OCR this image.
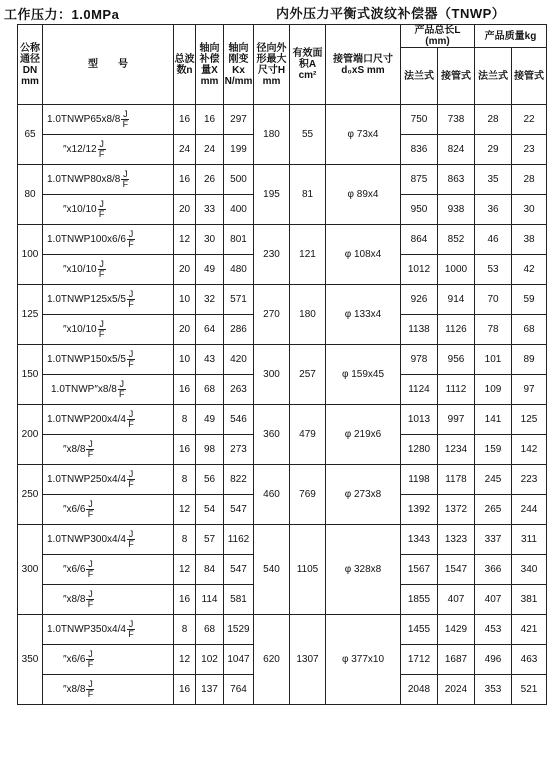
工作压力：1.0MPa	内外压力平衡式波纹补偿器（TNWP）
公称通径DN mm	型　　号	总波数n	轴向补偿量X mm	轴向刚变Kx N/mm	径向外形最大尺寸H mm	有效面积A cm²	接管端口尺寸d₀xS mm	产品总长L (mm)		产品质量kg	
								法兰式	接管式	法兰式	接管式
65	1.0TNWP65x8/8 $\frac{J}{F}$	16	16	297	180	55	φ 73x4	750	738	28	22
	$''x12/12 \frac{J}{F}$	24	24	199				836	824	29	23
80	1.0TNWP80x8/8 $\frac{J}{F}$	16	26	500	195	81	φ 89x4	875	863	35	28
	$''x10/10 \frac{J}{F}$	20	33	400				950	938	36	30
100	1.0TNWP100x6/6 $\frac{J}{F}$	12	30	801	230	121	φ 108x4	864	852	46	38
	$''x10/10 \frac{J}{F}$	20	49	480				1012	1000	53	42
125	1.0TNWP125x5/5 $\frac{J}{F}$	10	32	571	270	180	φ 133x4	926	914	70	59
	$''x10/10 \frac{J}{F}$	20	64	286				1138	1126	78	68
150	1.0TNWP150x5/5 $\frac{J}{F}$	10	43	420	300	257	φ 159x45	978	956	101	89
	1.0TNWP″x8/8 $\frac{J}{F}$	16	68	263				1124	1112	109	97
200	1.0TNWP200x4/4 $\frac{J}{F}$	8	49	546	360	479	φ 219x6	1013	997	141	125
	$''x8/8 \frac{J}{F}$	16	98	273				1280	1234	159	142
250	1.0TNWP250x4/4 $\frac{J}{F}$	8	56	822	460	769	φ 273x8	1198	1178	245	223
	$''x6/6 \frac{J}{F}$	12	54	547				1392	1372	265	244
300	1.0TNWP300x4/4 $\frac{J}{F}$	8	57	1162	540	1105	φ 328x8	1343	1323	337	311
	$''x6/6 \frac{J}{F}$	12	84	547				1567	1547	366	340
	$''x8/8 \frac{J}{F}$	16	114	581				1855	407	407	381
350	1.0TNWP350x4/4 $\frac{J}{F}$	8	68	1529	620	1307	φ 377x10	1455	1429	453	421
	$''x6/6 \frac{J}{F}$	12	102	1047				1712	1687	496	463
	$''x8/8 \frac{J}{F}$	16	137	764				2048	2024	353	521
